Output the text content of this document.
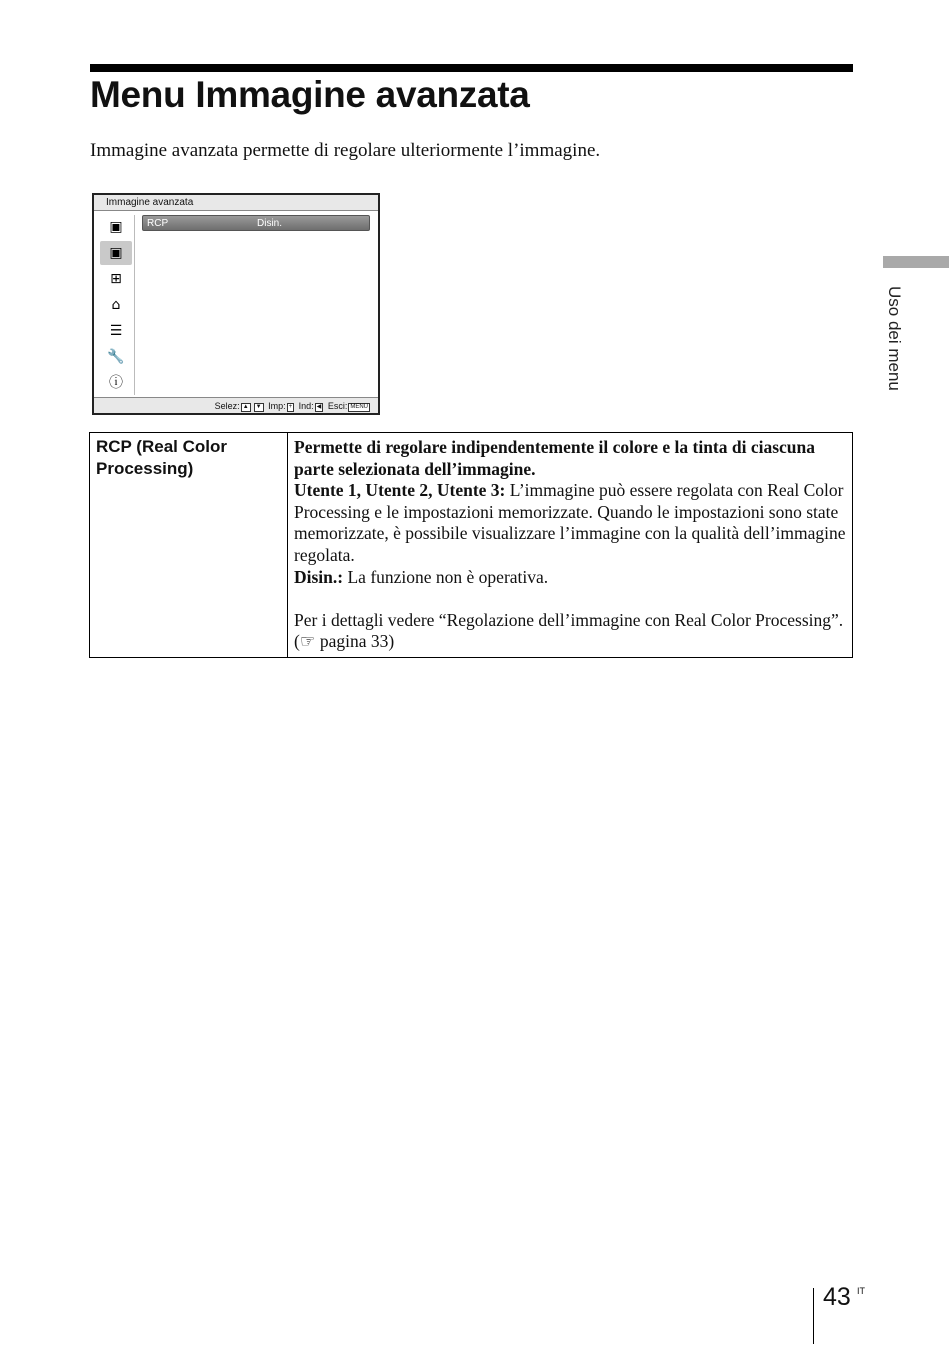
Menu Immagine avanzata
Immagine avanzata permette di regolare ulteriormente l’immagine.
Immagine avanzata
▣
▣
⊞
⌂
☰
🔧
ⓘ
RCP	Disin.
Selez: ▲ ▼ Imp: + Ind: ◀ Esci: MENU
RCP (Real Color Processing)	

Permette di regolare indipendentemente il colore e la tinta di ciascuna parte selezionata dell’immagine.

Utente 1, Utente 2, Utente 3: L’immagine può essere regolata con Real Color Processing e le impostazioni memorizzate. Quando le impostazioni sono state memorizzate, è possibile visualizzare l’immagine con la qualità dell’immagine regolata.

Disin.: La funzione non è operativa.

Per i dettagli vedere “Regolazione dell’immagine con Real Color Processing”. (☞ pagina 33)

Uso dei menu
43 IT
